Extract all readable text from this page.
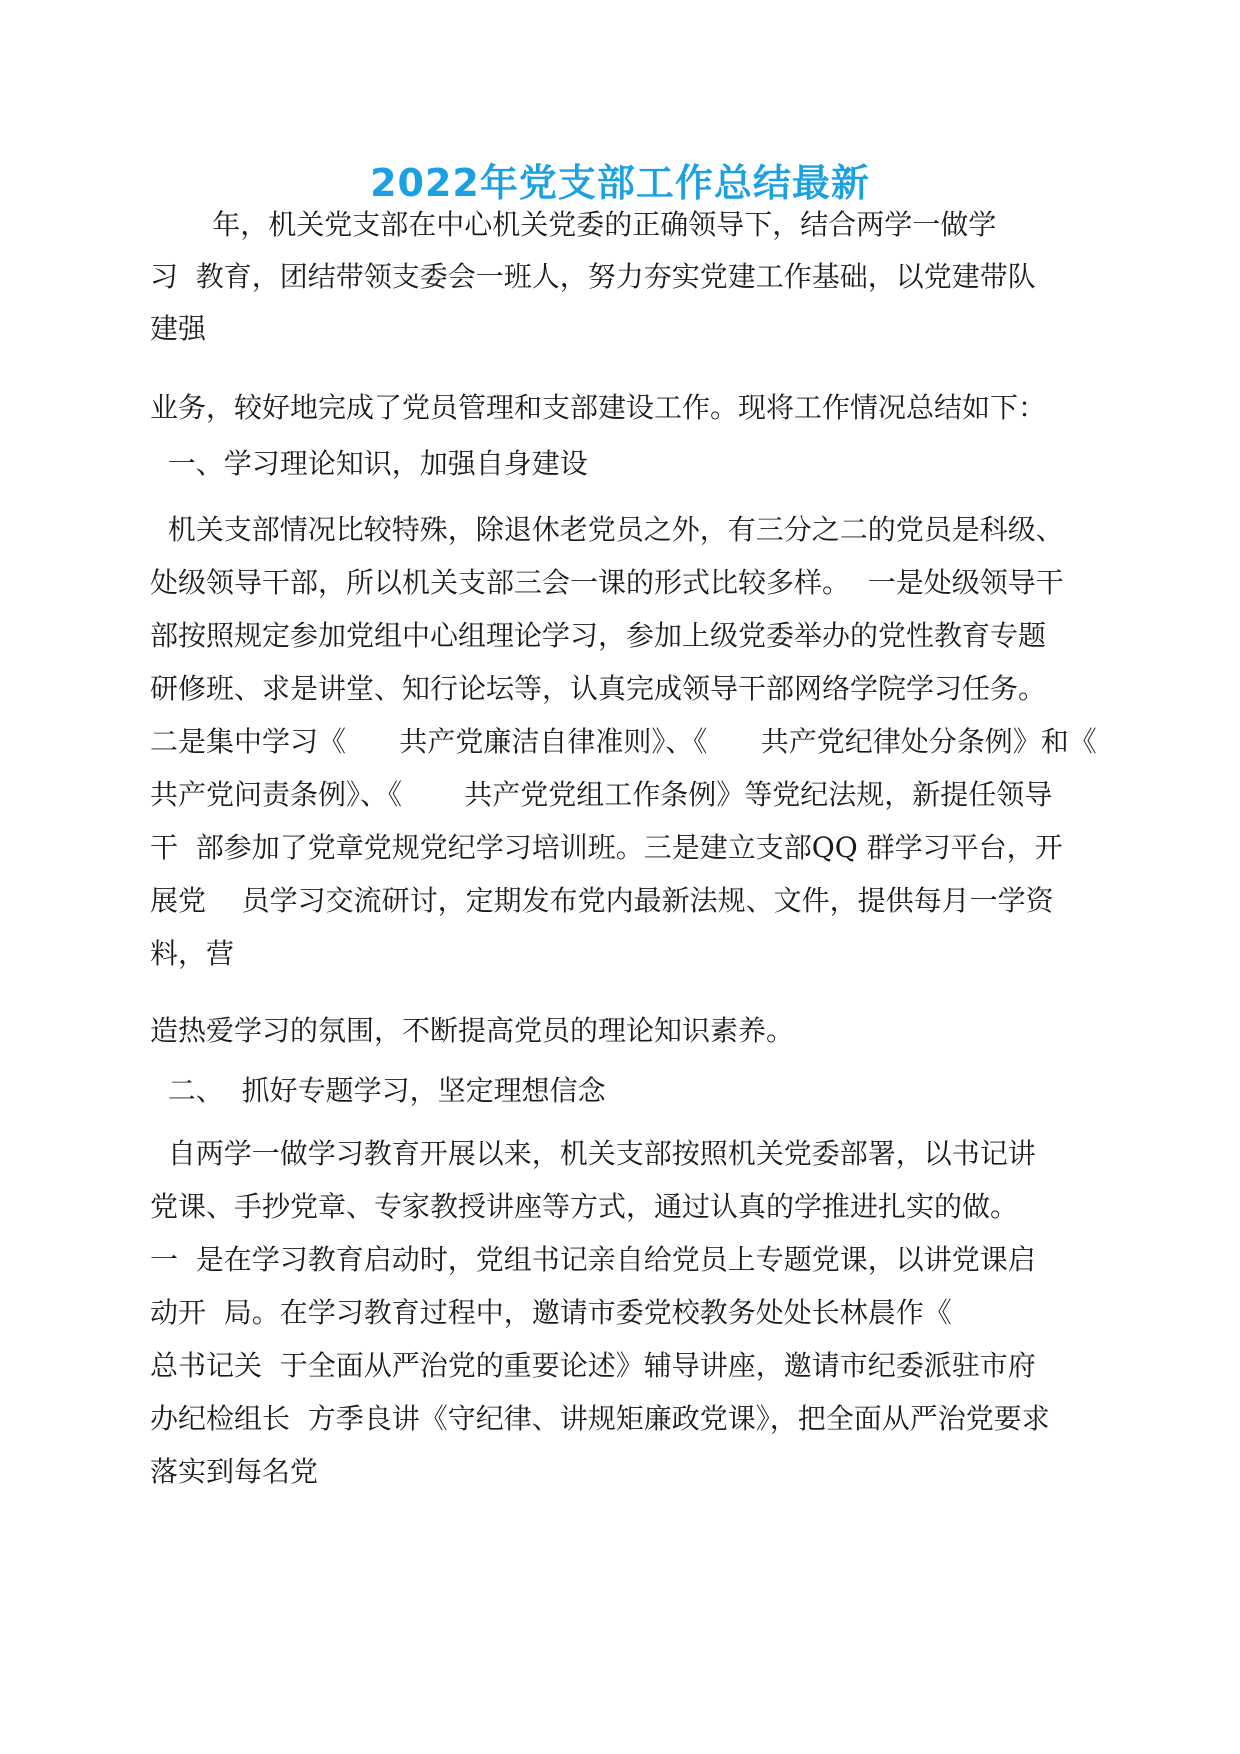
2022年党支部工作总结最新
年，机关党支部在中心机关党委的正确领导下，结合两学一做学
习  教育，团结带领支委会一班人，努力夯实党建工作基础，以党建带队
建强
业务，较好地完成了党员管理和支部建设工作。现将工作情况总结如下：
一、学习理论知识，加强自身建设
机关支部情况比较特殊，除退休老党员之外，有三分之二的党员是科级、
处级领导干部，所以机关支部三会一课的形式比较多样。  一是处级领导干
部按照规定参加党组中心组理论学习，参加上级党委举办的党性教育专题
研修班、求是讲堂、知行论坛等，认真完成领导干部网络学院学习任务。
二是集中学习《      共产党廉洁自律准则》、《      共产党纪律处分条例》和《
共产党问责条例》、《       共产党党组工作条例》等党纪法规，新提任领导
干  部参加了党章党规党纪学习培训班。三是建立支部QQ 群学习平台，开
展党    员学习交流研讨，定期发布党内最新法规、文件，提供每月一学资
料，营
造热爱学习的氛围，不断提高党员的理论知识素养。
二、  抓好专题学习，坚定理想信念
自两学一做学习教育开展以来，机关支部按照机关党委部署，以书记讲
党课、手抄党章、专家教授讲座等方式，通过认真的学推进扎实的做。
一  是在学习教育启动时，党组书记亲自给党员上专题党课，以讲党课启
动开  局。在学习教育过程中，邀请市委党校教务处处长林晨作《
总书记关  于全面从严治党的重要论述》辅导讲座，邀请市纪委派驻市府
办纪检组长  方季良讲《守纪律、讲规矩廉政党课》，把全面从严治党要求
落实到每名党
